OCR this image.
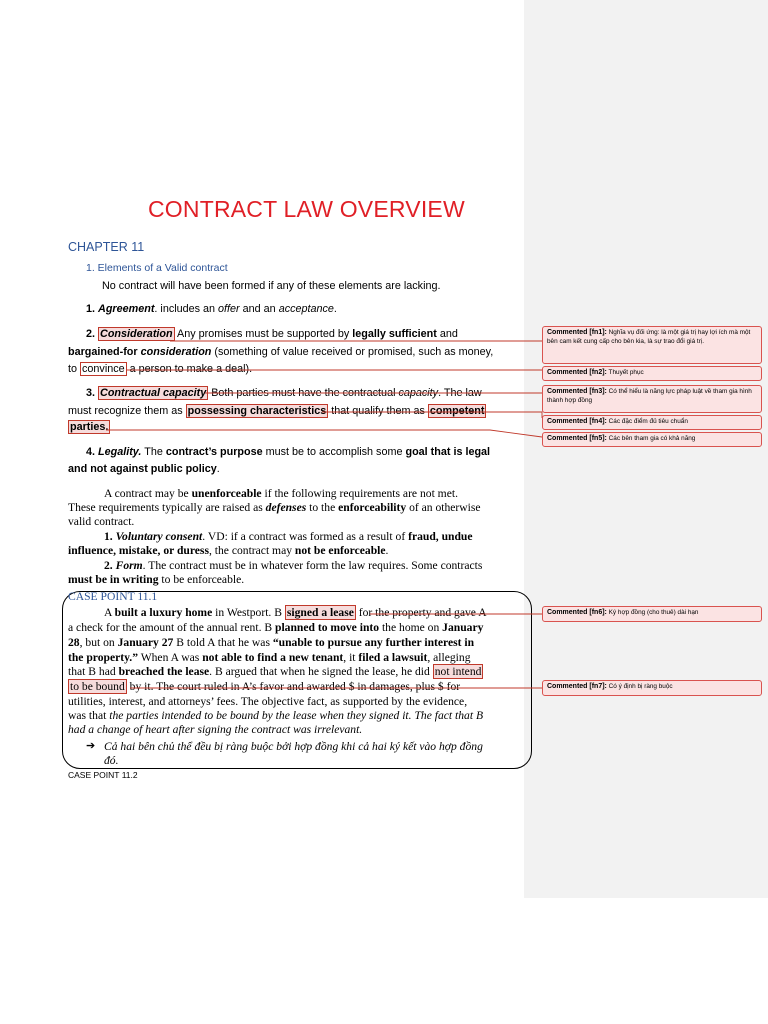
CONTRACT LAW OVERVIEW
CHAPTER 11
1. Elements of a Valid contract
No contract will have been formed if any of these elements are lacking.
1. Agreement. includes an offer and an acceptance.
2. Consideration Any promises must be supported by legally sufficient and
bargained-for consideration (something of value received or promised, such as money,
to convince a person to make a deal).
3. Contractual capacity Both parties must have the contractual capacity. The law
must recognize them as possessing characteristics that qualify them as competent
parties.
4. Legality. The contract’s purpose must be to accomplish some goal that is legal
and not against public policy.
A contract may be unenforceable if the following requirements are not met.
These requirements typically are raised as defenses to the enforceability of an otherwise
valid contract.
1. Voluntary consent. VD: if a contract was formed as a result of fraud, undue
influence, mistake, or duress, the contract may not be enforceable.
2. Form. The contract must be in whatever form the law requires. Some contracts
must be in writing to be enforceable.
CASE POINT 11.1
A built a luxury home in Westport. B signed a lease for the property and gave A
a check for the amount of the annual rent. B planned to move into the home on January
28, but on January 27 B told A that he was “unable to pursue any further interest in
the property.” When A was not able to find a new tenant, it filed a lawsuit, alleging
that B had breached the lease. B argued that when he signed the lease, he did not intend
to be bound by it. The court ruled in A’s favor and awarded $ in damages, plus $ for
utilities, interest, and attorneys’ fees. The objective fact, as supported by the evidence,
was that the parties intended to be bound by the lease when they signed it. The fact that B
had a change of heart after signing the contract was irrelevant.
➔ Cả hai bên chủ thể đều bị ràng buộc bởi hợp đồng khi cả hai ký kết vào hợp đồng
đó.
CASE POINT 11.2
Commented [fn1]: Nghĩa vụ đối ứng: là một giá trị hay lợi ích mà một bên cam kết cung cấp cho bên kia, là sự trao đổi giá trị.
Commented [fn2]: Thuyết phục
Commented [fn3]: Có thể hiểu là năng lực pháp luật về tham gia hình thành hợp đồng
Commented [fn4]: Các đặc điểm đủ tiêu chuẩn
Commented [fn5]: Các bên tham gia có khả năng
Commented [fn6]: Ký hợp đồng (cho thuê) dài hạn
Commented [fn7]: Có ý định bị ràng buộc
